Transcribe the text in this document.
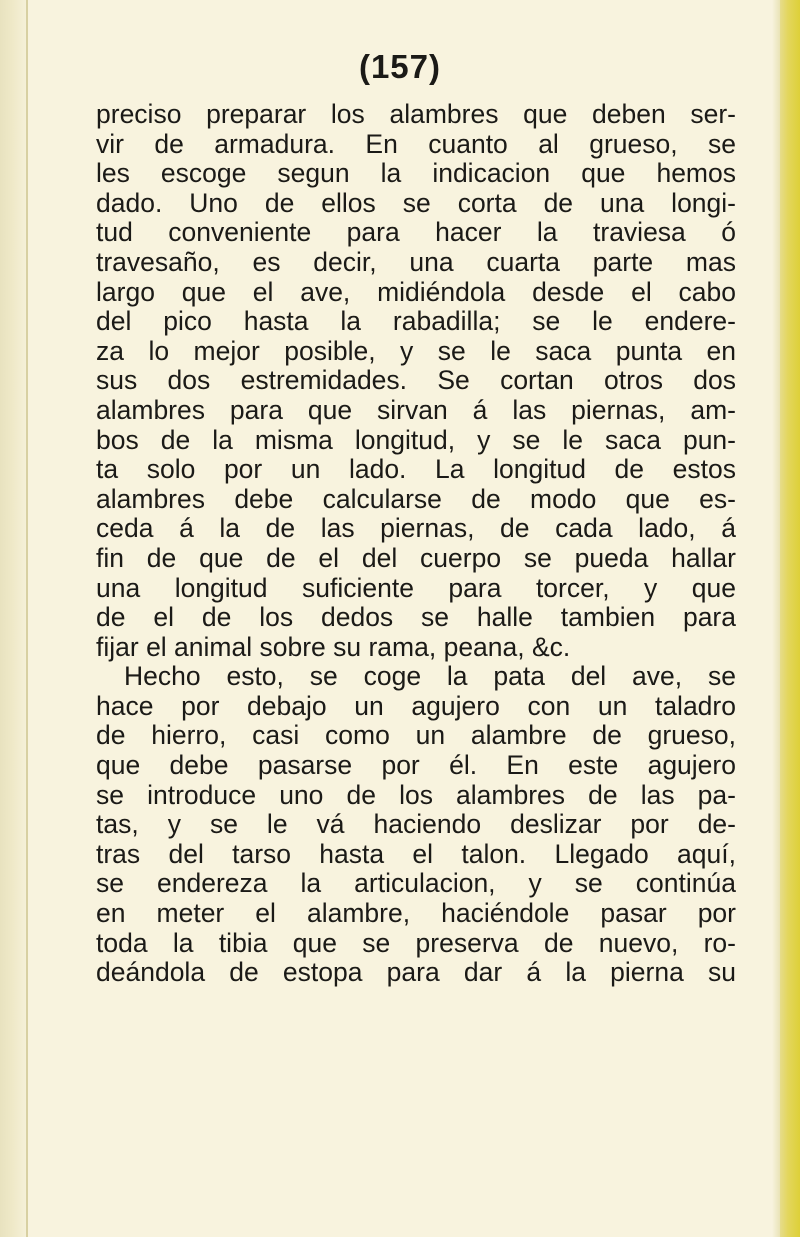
(157)
preciso preparar los alambres que deben ser-
vir de armadura. En cuanto al grueso, se
les escoge segun la indicacion que hemos
dado. Uno de ellos se corta de una longi-
tud conveniente para hacer la traviesa ó
travesaño, es decir, una cuarta parte mas
largo que el ave, midiéndola desde el cabo
del pico hasta la rabadilla; se le endere-
za lo mejor posible, y se le saca punta en
sus dos estremidades. Se cortan otros dos
alambres para que sirvan á las piernas, am-
bos de la misma longitud, y se le saca pun-
ta solo por un lado. La longitud de estos
alambres debe calcularse de modo que es-
ceda á la de las piernas, de cada lado, á
fin de que de el del cuerpo se pueda hallar
una longitud suficiente para torcer, y que
de el de los dedos se halle tambien para
fijar el animal sobre su rama, peana, &c.
Hecho esto, se coge la pata del ave, se
hace por debajo un agujero con un taladro
de hierro, casi como un alambre de grueso,
que debe pasarse por él. En este agujero
se introduce uno de los alambres de las pa-
tas, y se le vá haciendo deslizar por de-
tras del tarso hasta el talon. Llegado aquí,
se endereza la articulacion, y se continúa
en meter el alambre, haciéndole pasar por
toda la tibia que se preserva de nuevo, ro-
deándola de estopa para dar á la pierna su
